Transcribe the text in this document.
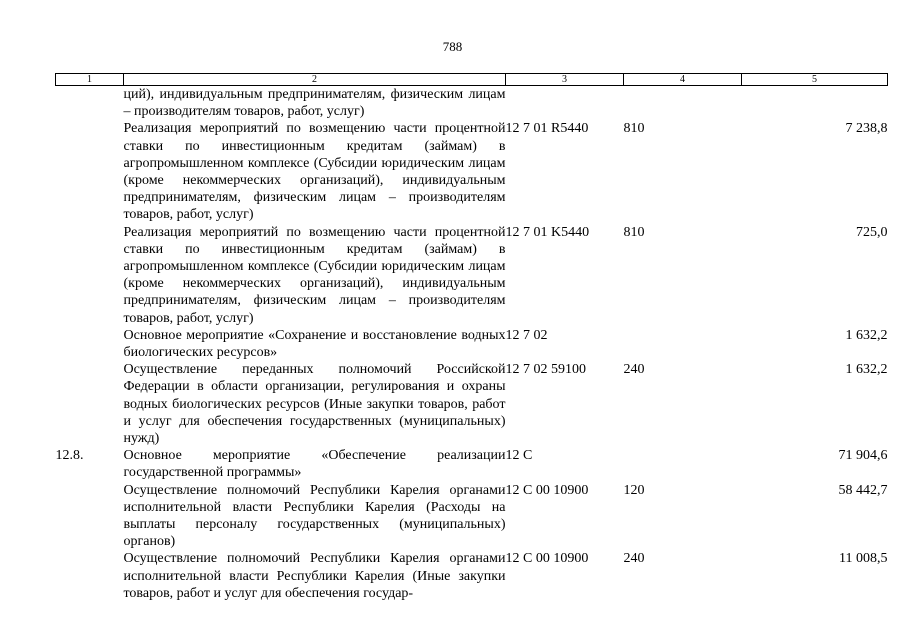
788
1	2	3	4	5
	ций), индивидуальным предпринимателям, физическим лицам – производителям товаров, работ, услуг)			
	Реализация мероприятий по возмещению части процентной ставки по инвестиционным кредитам (займам) в агропромышленном комплексе (Субсидии юридическим лицам (кроме некоммерческих организаций), индивидуальным предпринимателям, физическим лицам – производителям товаров, работ, услуг)	12 7 01 R5440	810	7 238,8
	Реализация мероприятий по возмещению части процентной ставки по инвестиционным кредитам (займам) в агропромышленном комплексе (Субсидии юридическим лицам (кроме некоммерческих организаций), индивидуальным предпринимателям, физическим лицам – производителям товаров, работ, услуг)	12 7 01 K5440	810	725,0
	Основное мероприятие «Сохранение и восстановление водных биологических ресурсов»	12 7 02		1 632,2
	Осуществление переданных полномочий Российской Федерации в области организации, регулирования и охраны водных биологических ресурсов (Иные закупки товаров, работ и услуг для обеспечения государственных (муниципальных) нужд)	12 7 02 59100	240	1 632,2
12.8.	Основное мероприятие «Обеспечение реализации государственной программы»	12 С		71 904,6
	Осуществление полномочий Республики Карелия органами исполнительной власти Республики Карелия (Расходы на выплаты персоналу государственных (муниципальных) органов)	12 С 00 10900	120	58 442,7
	Осуществление полномочий Республики Карелия органами исполнительной власти Республики Карелия (Иные закупки товаров, работ и услуг для обеспечения государ-	12 С 00 10900	240	11 008,5
